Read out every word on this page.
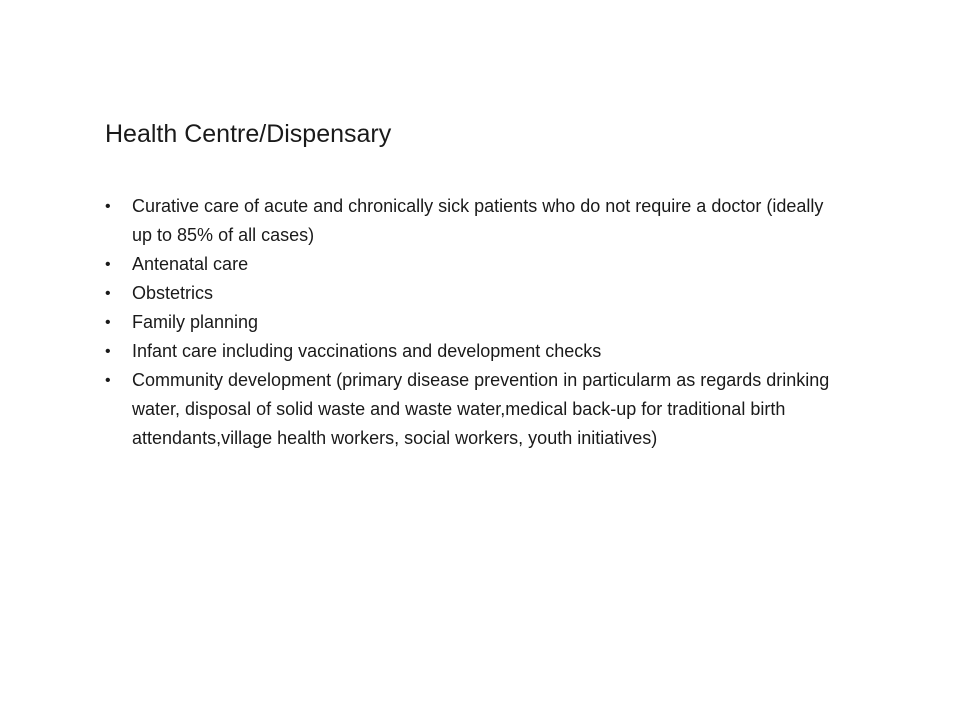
Health Centre/Dispensary
•	Curative care of acute and chronically sick patients who do not require a doctor (ideally up to 85% of all cases)
•	Antenatal care
•	Obstetrics
•	Family planning
•	Infant care including vaccinations and development checks
•	Community development (primary disease prevention in particularm as regards drinking water, disposal of solid waste and waste water,medical back-up for traditional birth attendants,village health workers, social workers, youth initiatives)
